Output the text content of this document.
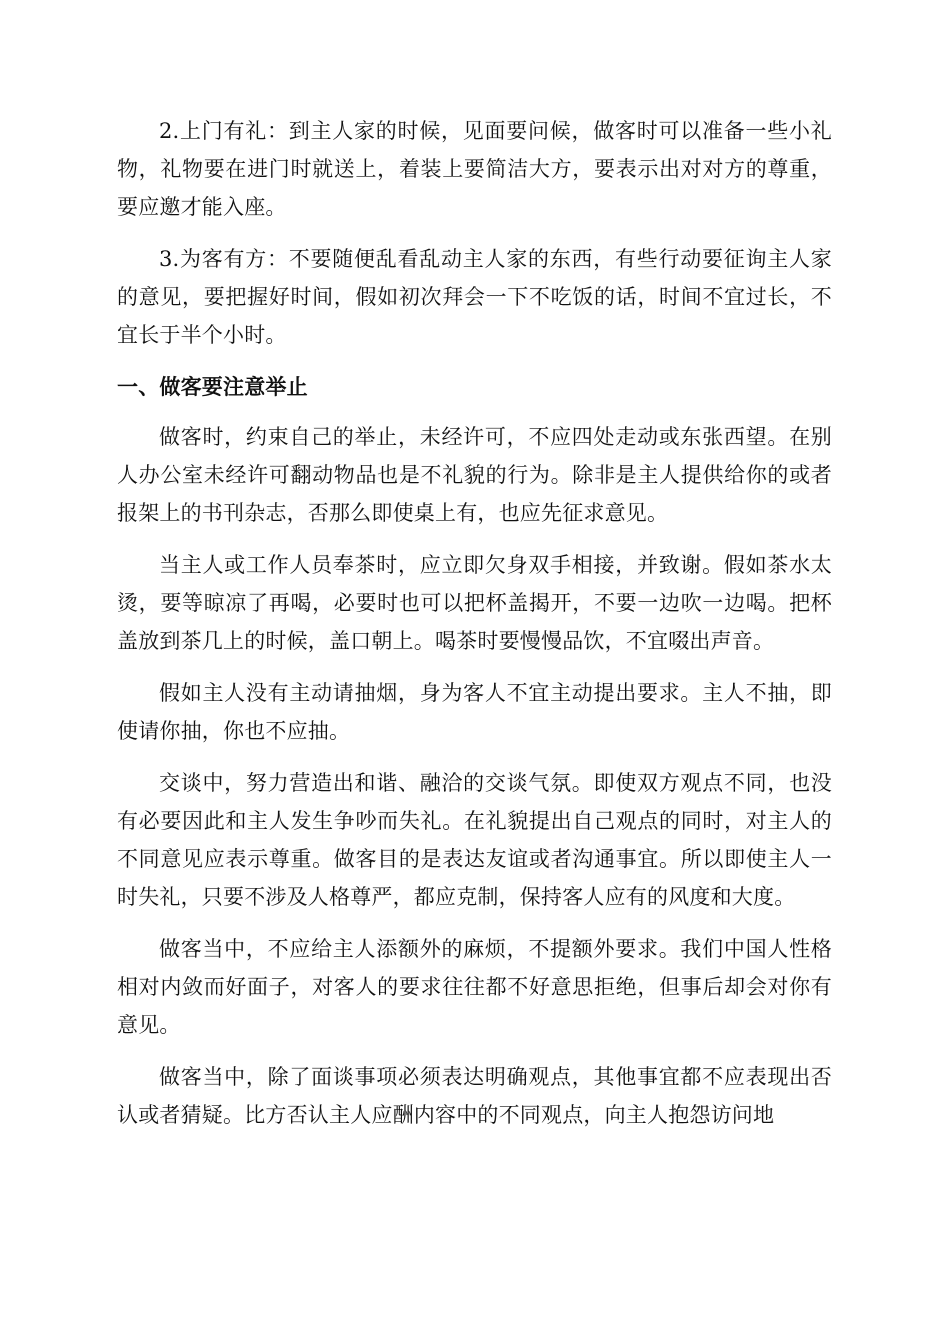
2.上门有礼：到主人家的时候，见面要问候，做客时可以准备一些小礼物，礼物要在进门时就送上，着装上要简洁大方，要表示出对对方的尊重，要应邀才能入座。

3.为客有方：不要随便乱看乱动主人家的东西，有些行动要征询主人家的意见，要把握好时间，假如初次拜会一下不吃饭的话，时间不宜过长，不宜长于半个小时。

一、做客要注意举止

做客时，约束自己的举止，未经许可，不应四处走动或东张西望。在别人办公室未经许可翻动物品也是不礼貌的行为。除非是主人提供给你的或者报架上的书刊杂志，否那么即使桌上有，也应先征求意见。

当主人或工作人员奉茶时，应立即欠身双手相接，并致谢。假如茶水太烫，要等晾凉了再喝，必要时也可以把杯盖揭开，不要一边吹一边喝。把杯盖放到茶几上的时候，盖口朝上。喝茶时要慢慢品饮，不宜啜出声音。

假如主人没有主动请抽烟，身为客人不宜主动提出要求。主人不抽，即使请你抽，你也不应抽。

交谈中，努力营造出和谐、融洽的交谈气氛。即使双方观点不同，也没有必要因此和主人发生争吵而失礼。在礼貌提出自己观点的同时，对主人的不同意见应表示尊重。做客目的是表达友谊或者沟通事宜。所以即使主人一时失礼，只要不涉及人格尊严，都应克制，保持客人应有的风度和大度。

做客当中，不应给主人添额外的麻烦，不提额外要求。我们中国人性格相对内敛而好面子，对客人的要求往往都不好意思拒绝，但事后却会对你有意见。

做客当中，除了面谈事项必须表达明确观点，其他事宜都不应表现出否认或者猜疑。比方否认主人应酬内容中的不同观点，向主人抱怨访问地
